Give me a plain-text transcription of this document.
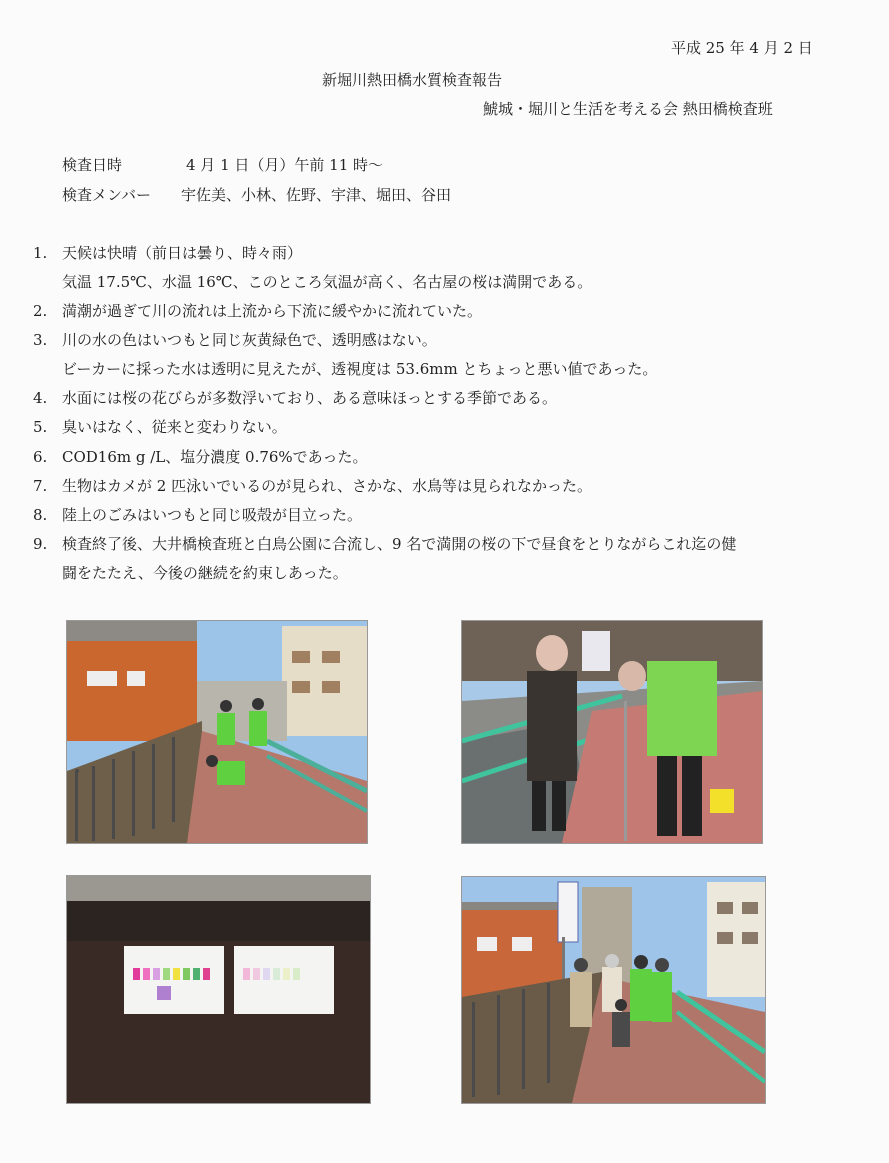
平成 25 年 4 月 2 日
新堀川熱田橋水質検査報告
鯱城・堀川と生活を考える会 熱田橋検査班
検査日時	4 月 1 日（月）午前 11 時～
検査メンバー 宇佐美、小林、佐野、宇津、堀田、谷田
1. 天候は快晴（前日は曇り、時々雨）
気温 17.5℃、水温 16℃、このところ気温が高く、名古屋の桜は満開である。
2. 満潮が過ぎて川の流れは上流から下流に緩やかに流れていた。
3. 川の水の色はいつもと同じ灰黄緑色で、透明感はない。
ビーカーに採った水は透明に見えたが、透視度は 53.6mm とちょっと悪い値であった。
4. 水面には桜の花びらが多数浮いており、ある意味ほっとする季節である。
5. 臭いはなく、従来と変わりない。
6. COD16m g /L、塩分濃度 0.76%であった。
7. 生物はカメが 2 匹泳いでいるのが見られ、さかな、水鳥等は見られなかった。
8. 陸上のごみはいつもと同じ吸殻が目立った。
9. 検査終了後、大井橋検査班と白鳥公園に合流し、9 名で満開の桜の下で昼食をとりながらこれ迄の健
闘をたたえ、今後の継続を約束しあった。
